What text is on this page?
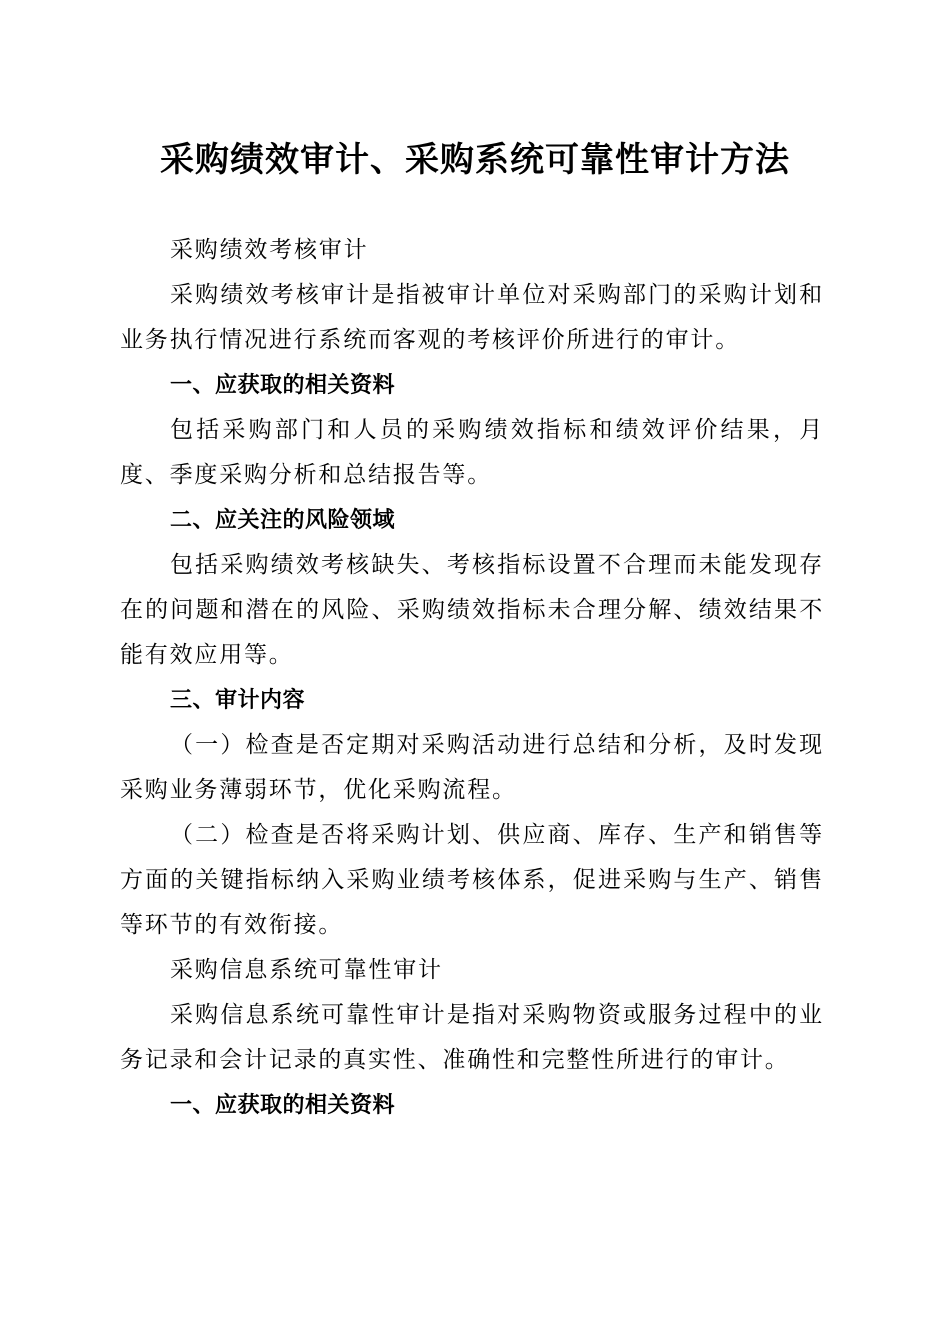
采购绩效审计、采购系统可靠性审计方法

采购绩效考核审计

采购绩效考核审计是指被审计单位对采购部门的采购计划和业务执行情况进行系统而客观的考核评价所进行的审计。

一、应获取的相关资料

包括采购部门和人员的采购绩效指标和绩效评价结果，月度、季度采购分析和总结报告等。

二、应关注的风险领域

包括采购绩效考核缺失、考核指标设置不合理而未能发现存在的问题和潜在的风险、采购绩效指标未合理分解、绩效结果不能有效应用等。

三、审计内容

（一）检查是否定期对采购活动进行总结和分析，及时发现采购业务薄弱环节，优化采购流程。

（二）检查是否将采购计划、供应商、库存、生产和销售等方面的关键指标纳入采购业绩考核体系，促进采购与生产、销售等环节的有效衔接。

采购信息系统可靠性审计

采购信息系统可靠性审计是指对采购物资或服务过程中的业务记录和会计记录的真实性、准确性和完整性所进行的审计。

一、应获取的相关资料
